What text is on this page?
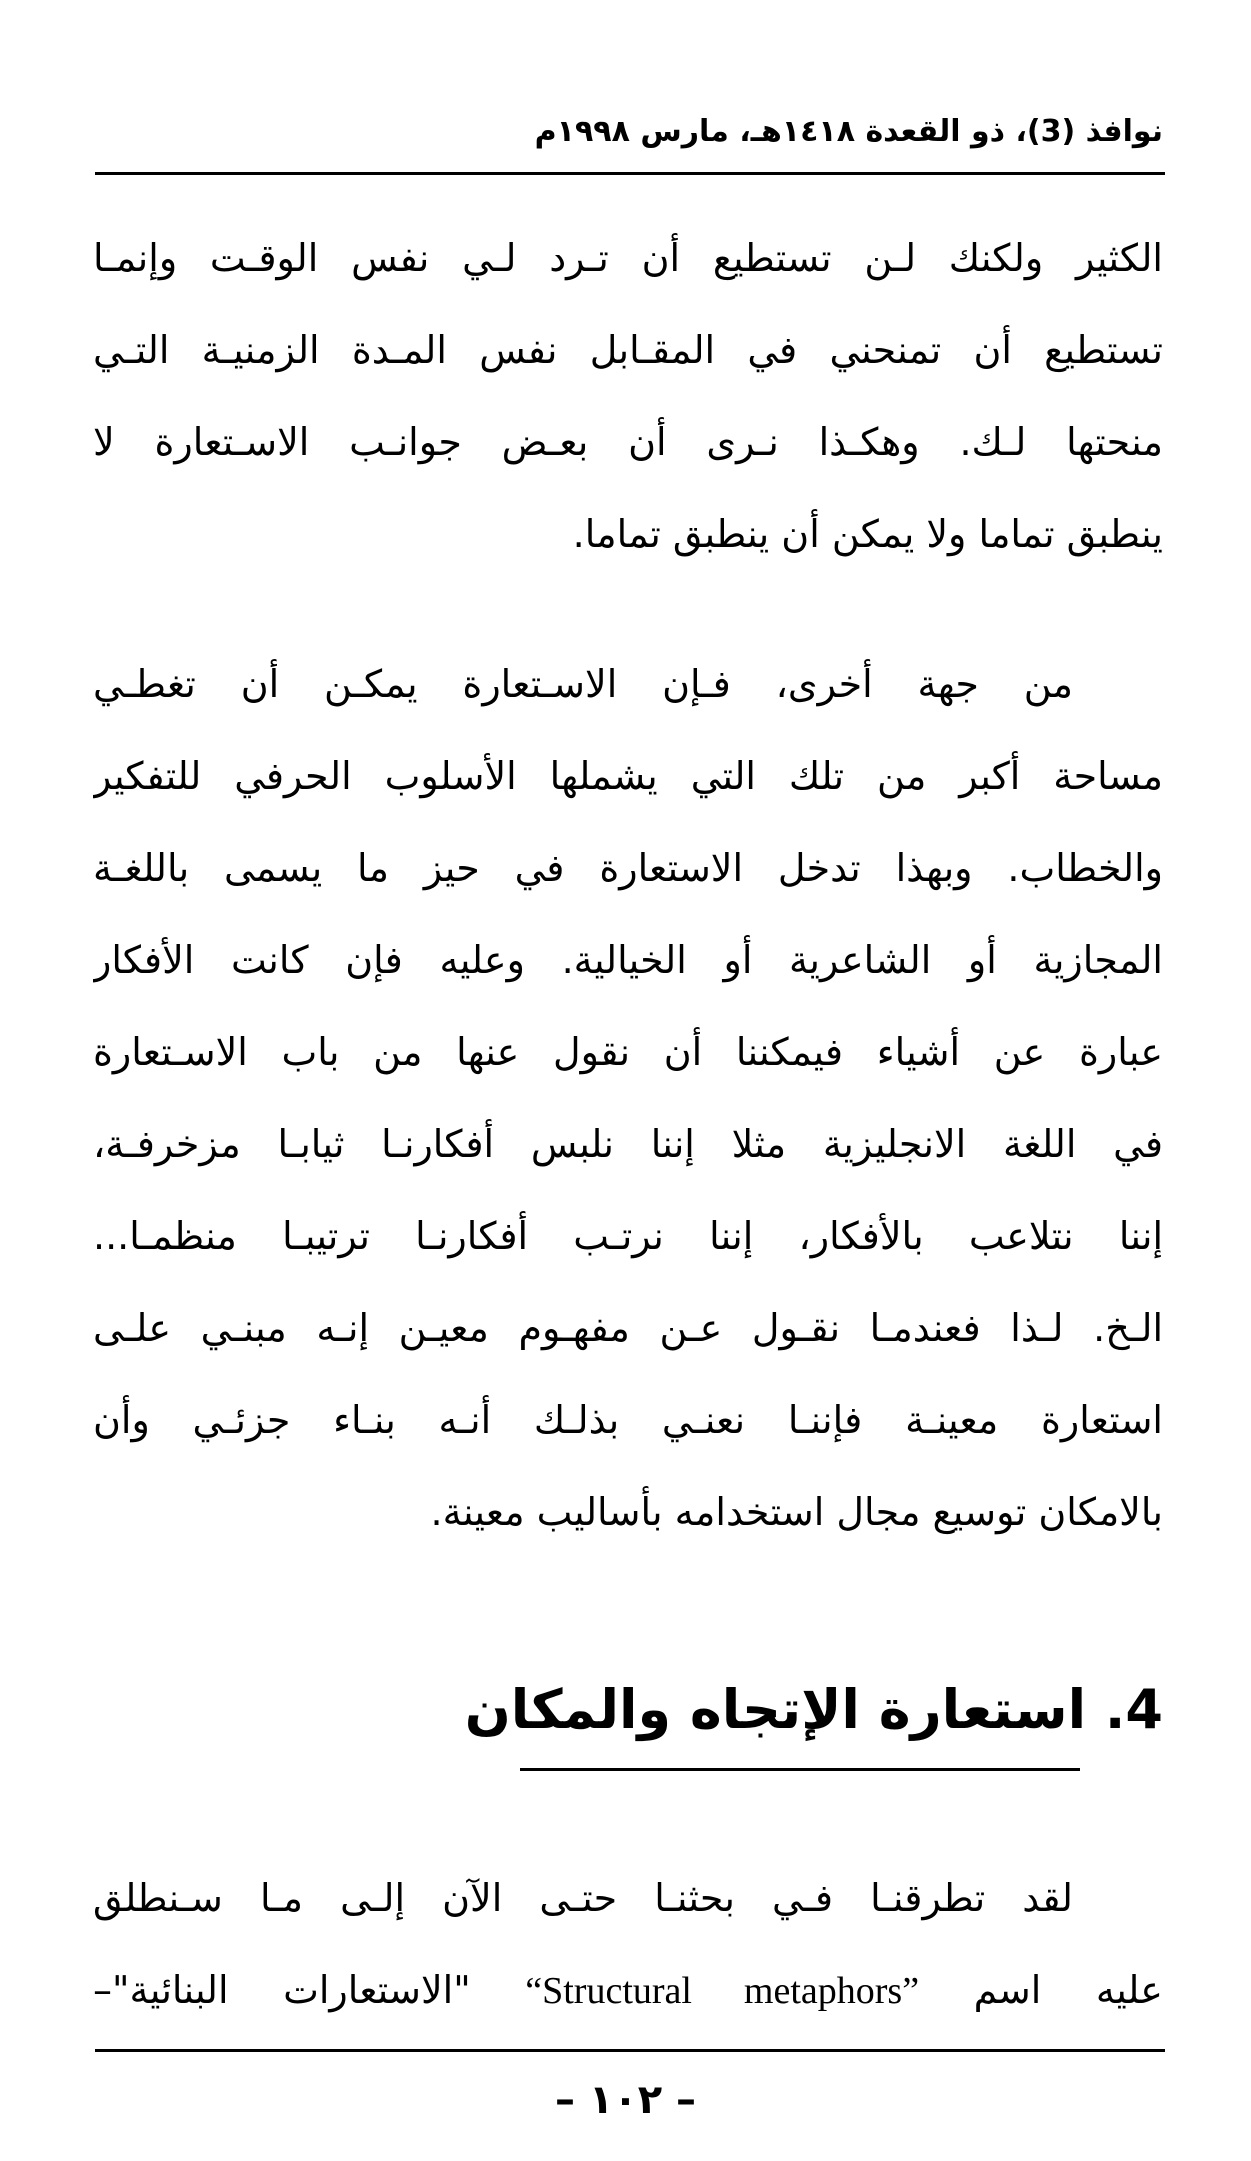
نوافذ (3)، ذو القعدة ١٤١٨هـ، مارس ١٩٩٨م
الكثير ولكنك لـن تستطيع أن تـرد لـي نفس الوقـت وإنمـا
تستطيع أن تمنحني في المقـابل نفس المـدة الزمنيـة التـي
منحتها لـك. وهكـذا نـرى أن بعـض جوانـب الاسـتعارة لا
ينطبق تماما ولا يمكن أن ينطبق تماما.
من جهة أخرى، فـإن الاسـتعارة يمكـن أن تغطـي
مساحة أكبر من تلك التي يشملها الأسلوب الحرفي للتفكير
والخطاب. وبهذا تدخل الاستعارة في حيز ما يسمى باللغـة
المجازية أو الشاعرية أو الخيالية. وعليه فإن كانت الأفكار
عبارة عن أشياء فيمكننا أن نقول عنها من باب الاسـتعارة
في اللغة الانجليزية مثلا إننا نلبس أفكارنـا ثيابـا مزخرفـة،
إننا نتلاعب بالأفكار، إننا نرتـب أفكارنـا ترتيبـا منظمـا...
الـخ. لـذا فعندمـا نقـول عـن مفهـوم معيـن إنـه مبنـي علـى
استعارة معينـة فإننـا نعنـي بذلـك أنـه بنـاء جزئـي وأن
بالامكان توسيع مجال استخدامه بأساليب معينة.
4. استعارة الإتجاه والمكان
لقد تطرقنـا فـي بحثنـا حتـى الآن إلـى مـا سـنطلق
عليه اسم “Structural metaphors” "الاستعارات البنائية"–
– ١٠٢ –
